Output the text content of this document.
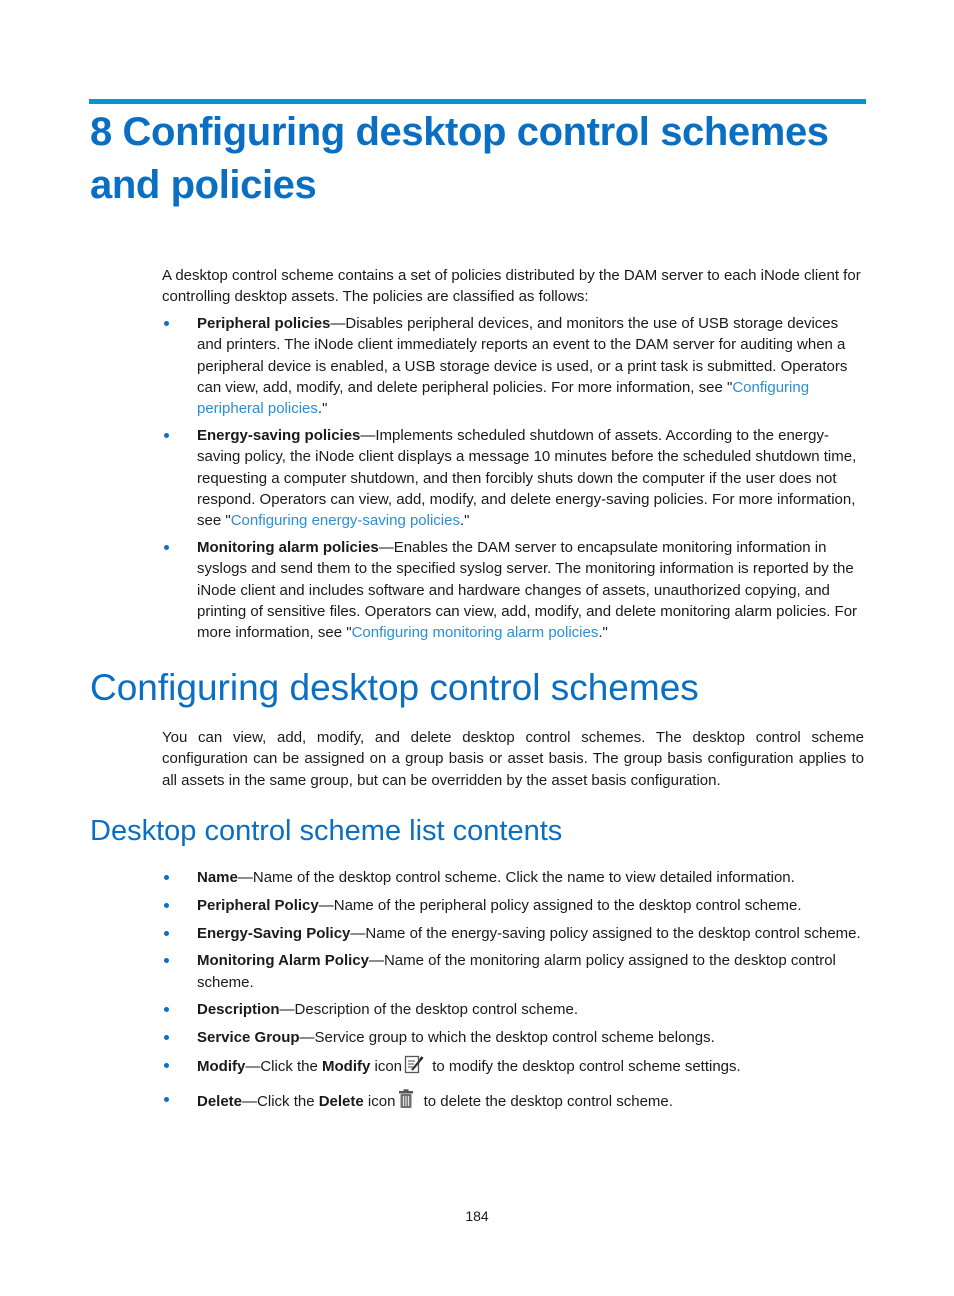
8 Configuring desktop control schemes and policies

A desktop control scheme contains a set of policies distributed by the DAM server to each iNode client for controlling desktop assets. The policies are classified as follows:

Peripheral policies—Disables peripheral devices, and monitors the use of USB storage devices and printers. The iNode client immediately reports an event to the DAM server for auditing when a peripheral device is enabled, a USB storage device is used, or a print task is submitted. Operators can view, add, modify, and delete peripheral policies. For more information, see "Configuring peripheral policies."
Energy-saving policies—Implements scheduled shutdown of assets. According to the energy-saving policy, the iNode client displays a message 10 minutes before the scheduled shutdown time, requesting a computer shutdown, and then forcibly shuts down the computer if the user does not respond. Operators can view, add, modify, and delete energy-saving policies. For more information, see "Configuring energy-saving policies."
Monitoring alarm policies—Enables the DAM server to encapsulate monitoring information in syslogs and send them to the specified syslog server. The monitoring information is reported by the iNode client and includes software and hardware changes of assets, unauthorized copying, and printing of sensitive files. Operators can view, add, modify, and delete monitoring alarm policies. For more information, see "Configuring monitoring alarm policies."
Configuring desktop control schemes

You can view, add, modify, and delete desktop control schemes. The desktop control scheme configuration can be assigned on a group basis or asset basis. The group basis configuration applies to all assets in the same group, but can be overridden by the asset basis configuration.

Desktop control scheme list contents
Name—Name of the desktop control scheme. Click the name to view detailed information.
Peripheral Policy—Name of the peripheral policy assigned to the desktop control scheme.
Energy-Saving Policy—Name of the energy-saving policy assigned to the desktop control scheme.
Monitoring Alarm Policy—Name of the monitoring alarm policy assigned to the desktop control scheme.
Description—Description of the desktop control scheme.
Service Group—Service group to which the desktop control scheme belongs.
Modify—Click the Modify icon to modify the desktop control scheme settings.
Delete—Click the Delete icon to delete the desktop control scheme.
184
